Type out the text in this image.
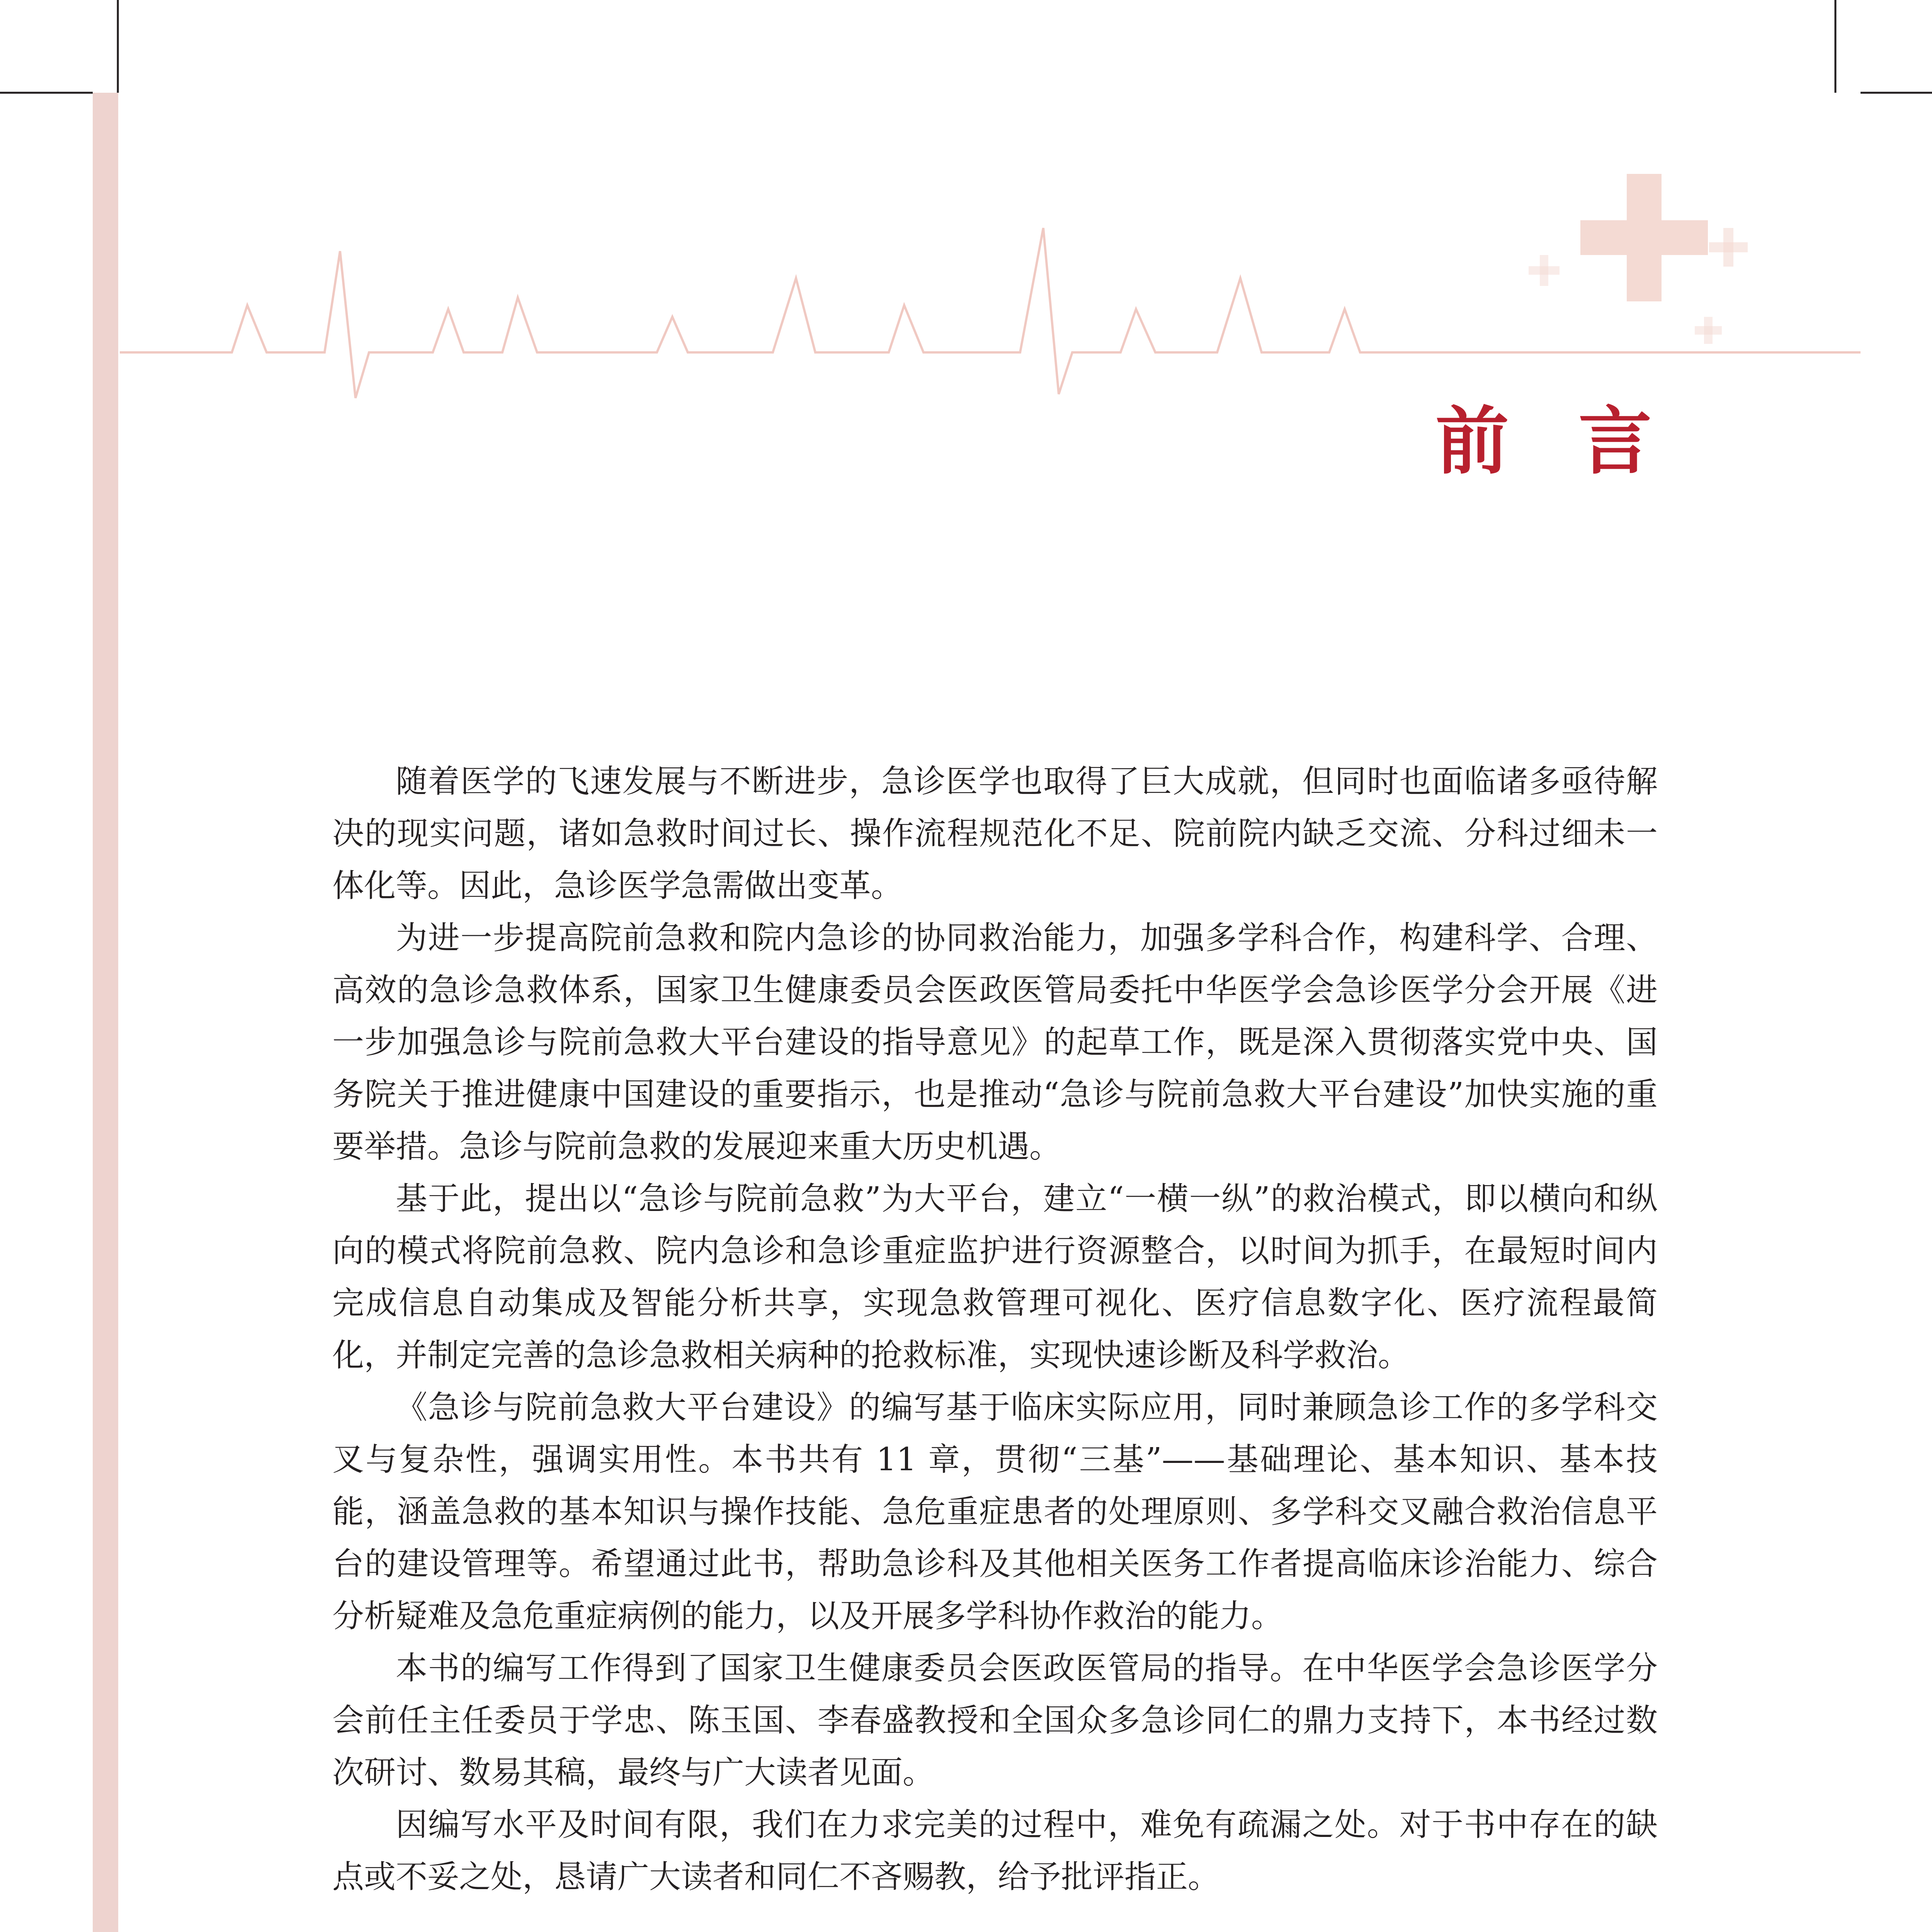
前 言

随着医学的飞速发展与不断进步，急诊医学也取得了巨大成就，但同时也面临诸多亟待解决的现实问题，诸如急救时间过长、操作流程规范化不足、院前院内缺乏交流、分科过细未一体化等。因此，急诊医学急需做出变革。

为进一步提高院前急救和院内急诊的协同救治能力，加强多学科合作，构建科学、合理、高效的急诊急救体系，国家卫生健康委员会医政医管局委托中华医学会急诊医学分会开展《进一步加强急诊与院前急救大平台建设的指导意见》的起草工作，既是深入贯彻落实党中央、国务院关于推进健康中国建设的重要指示，也是推动“急诊与院前急救大平台建设”加快实施的重要举措。急诊与院前急救的发展迎来重大历史机遇。

基于此，提出以“急诊与院前急救”为大平台，建立“一横一纵”的救治模式，即以横向和纵向的模式将院前急救、院内急诊和急诊重症监护进行资源整合，以时间为抓手，在最短时间内完成信息自动集成及智能分析共享，实现急救管理可视化、医疗信息数字化、医疗流程最简化，并制定完善的急诊急救相关病种的抢救标准，实现快速诊断及科学救治。

《急诊与院前急救大平台建设》的编写基于临床实际应用，同时兼顾急诊工作的多学科交叉与复杂性，强调实用性。本书共有 11 章，贯彻“三基”——基础理论、基本知识、基本技能，涵盖急救的基本知识与操作技能、急危重症患者的处理原则、多学科交叉融合救治信息平台的建设管理等。希望通过此书，帮助急诊科及其他相关医务工作者提高临床诊治能力、综合分析疑难及急危重症病例的能力，以及开展多学科协作救治的能力。

本书的编写工作得到了国家卫生健康委员会医政医管局的指导。在中华医学会急诊医学分会前任主任委员于学忠、陈玉国、李春盛教授和全国众多急诊同仁的鼎力支持下，本书经过数次研讨、数易其稿，最终与广大读者见面。

因编写水平及时间有限，我们在力求完美的过程中，难免有疏漏之处。对于书中存在的缺点或不妥之处，恳请广大读者和同仁不吝赐教，给予批评指正。
